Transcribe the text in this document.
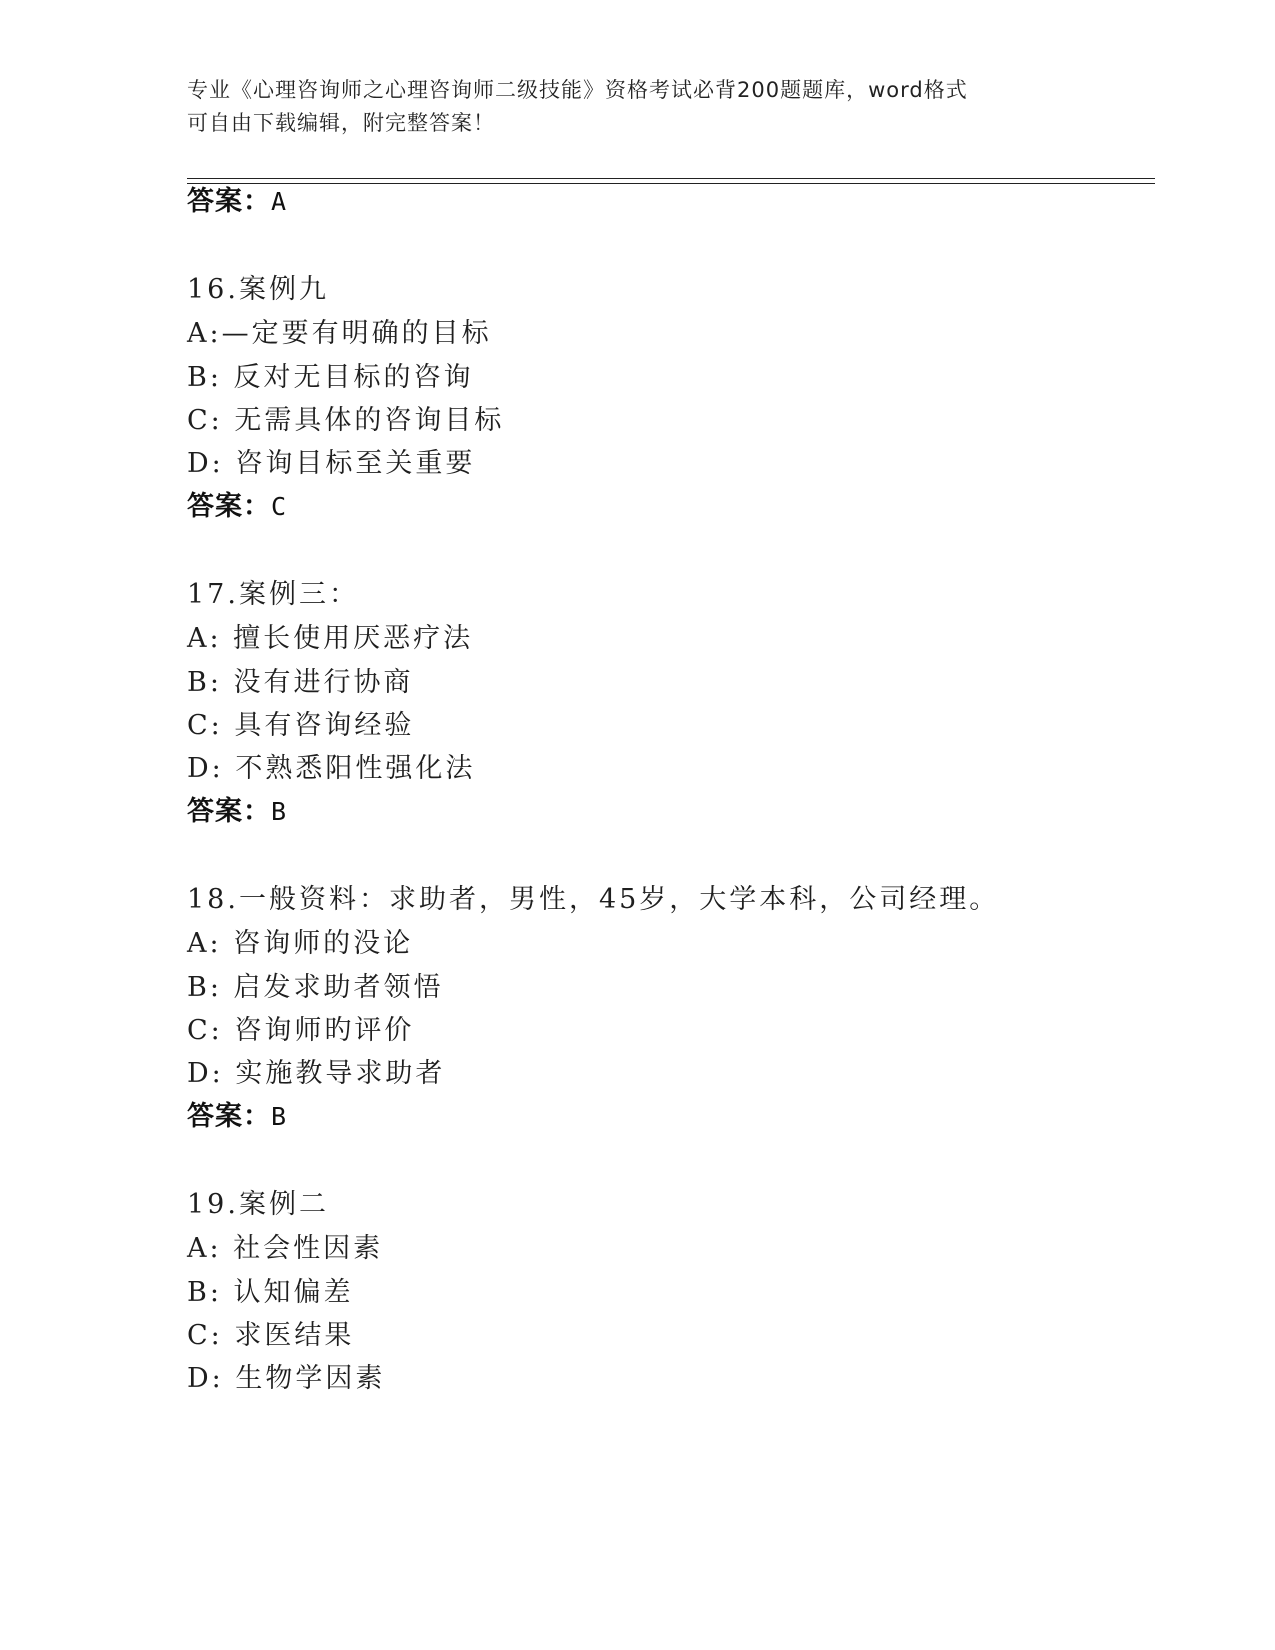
专业《心理咨询师之心理咨询师二级技能》资格考试必背200题题库，word格式
可自由下载编辑，附完整答案！
答案：A
16.案例九
A:—定要有明确的目标
B: 反对无目标的咨询
C: 无需具体的咨询目标
D: 咨询目标至关重要
答案：C
17.案例三：
A: 擅长使用厌恶疗法
B: 没有进行协商
C: 具有咨询经验
D: 不熟悉阳性强化法
答案：B
18.一般资料：求助者，男性，45岁，大学本科，公司经理。
A: 咨询师的没论
B: 启发求助者领悟
C: 咨询师旳评价
D: 实施教导求助者
答案：B
19.案例二
A: 社会性因素
B: 认知偏差
C: 求医结果
D: 生物学因素
